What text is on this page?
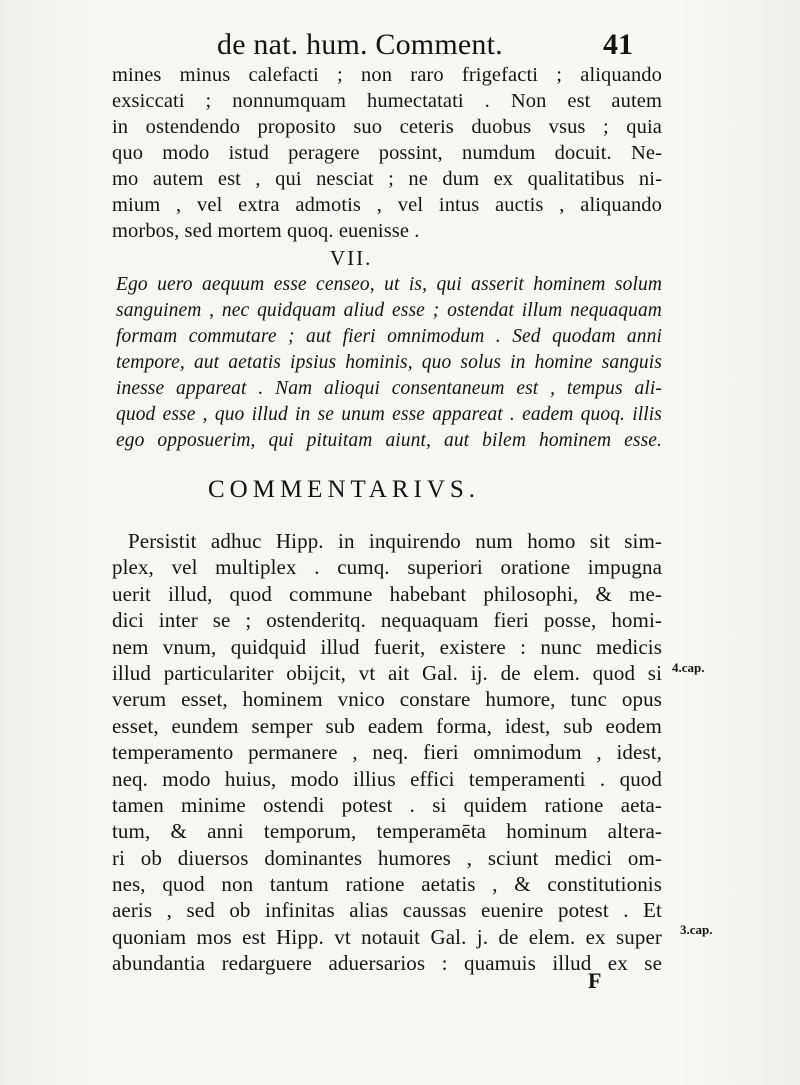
de nat. hum. Comment.	41
mines minus calefacti ; non raro frigefacti ; aliquando
exsiccati ; nonnumquam humectatati . Non est autem
in ostendendo proposito suo ceteris duobus vsus ; quia
quo modo istud peragere possint, numdum docuit. Ne-
mo autem est , qui nesciat ; ne dum ex qualitatibus ni-
mium , vel extra admotis , vel intus auctis , aliquando
morbos, sed mortem quoq. euenisse .
VII.
Ego uero aequum esse censeo, ut is, qui asserit hominem solum
sanguinem , nec quidquam aliud esse ; ostendat illum nequaquam
formam commutare ; aut fieri omnimodum . Sed quodam anni
tempore, aut aetatis ipsius hominis, quo solus in homine sanguis
inesse appareat . Nam alioqui consentaneum est , tempus ali-
quod esse , quo illud in se unum esse appareat . eadem quoq. illis
ego opposuerim, qui pituitam aiunt, aut bilem hominem esse.
COMMENTARIVS.
Persistit adhuc Hipp. in inquirendo num homo sit sim-
plex, vel multiplex . cumq. superiori oratione impugna
uerit illud, quod commune habebant philosophi, & me-
dici inter se ; ostenderitq. nequaquam fieri posse, homi-
nem vnum, quidquid illud fuerit, existere : nunc medicis
illud particulariter obijcit, vt ait Gal. ij. de elem. quod si
verum esset, hominem vnico constare humore, tunc opus
esset, eundem semper sub eadem forma, idest, sub eodem
temperamento permanere , neq. fieri omnimodum , idest,
neq. modo huius, modo illius effici temperamenti . quod
tamen minime ostendi potest . si quidem ratione aeta-
tum, & anni temporum, temperamēta hominum alterа-
ri ob diuersos dominantes humores , sciunt medici om-
nes, quod non tantum ratione aetatis , & constitutionis
aeris , sed ob infinitas alias caussas euenire potest . Et
quoniam mos est Hipp. vt notauit Gal. j. de elem. ex super
abundantia redarguere aduersarios : quamuis illud ex se
4.cap.
3.cap.
F
